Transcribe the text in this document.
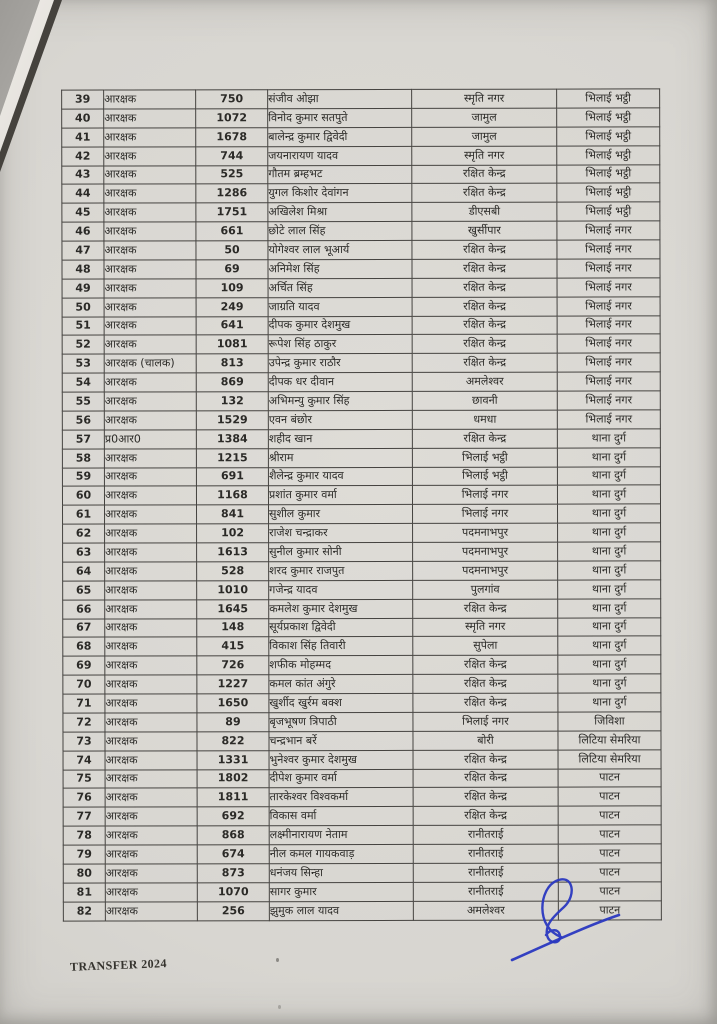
39	आरक्षक	750	संजीव ओझा	स्मृति नगर	भिलाई भट्ठी
40	आरक्षक	1072	विनोद कुमार सतपुते	जामुल	भिलाई भट्ठी
41	आरक्षक	1678	बालेन्द्र कुमार द्विवेदी	जामुल	भिलाई भट्ठी
42	आरक्षक	744	जयनारायण यादव	स्मृति नगर	भिलाई भट्ठी
43	आरक्षक	525	गौतम ब्रम्हभट	रक्षित केन्द्र	भिलाई भट्ठी
44	आरक्षक	1286	युगल किशोर देवांगन	रक्षित केन्द्र	भिलाई भट्ठी
45	आरक्षक	1751	अखिलेश मिश्रा	डीएसबी	भिलाई भट्ठी
46	आरक्षक	661	छोटे लाल सिंह	खुर्सीपार	भिलाई नगर
47	आरक्षक	50	योगेश्वर लाल भूआर्य	रक्षित केन्द्र	भिलाई नगर
48	आरक्षक	69	अनिमेश सिंह	रक्षित केन्द्र	भिलाई नगर
49	आरक्षक	109	अर्चित सिंह	रक्षित केन्द्र	भिलाई नगर
50	आरक्षक	249	जाग्रति यादव	रक्षित केन्द्र	भिलाई नगर
51	आरक्षक	641	दीपक कुमार देशमुख	रक्षित केन्द्र	भिलाई नगर
52	आरक्षक	1081	रूपेश सिंह ठाकुर	रक्षित केन्द्र	भिलाई नगर
53	आरक्षक (चालक)	813	उपेन्द्र कुमार राठौर	रक्षित केन्द्र	भिलाई नगर
54	आरक्षक	869	दीपक धर दीवान	अमलेश्वर	भिलाई नगर
55	आरक्षक	132	अभिमन्यु कुमार सिंह	छावनी	भिलाई नगर
56	आरक्षक	1529	एवन बंछोर	धमधा	भिलाई नगर
57	प्र0आर0	1384	शहीद खान	रक्षित केन्द्र	थाना दुर्ग
58	आरक्षक	1215	श्रीराम	भिलाई भट्ठी	थाना दुर्ग
59	आरक्षक	691	शैलेन्द्र कुमार यादव	भिलाई भट्ठी	थाना दुर्ग
60	आरक्षक	1168	प्रशांत कुमार वर्मा	भिलाई नगर	थाना दुर्ग
61	आरक्षक	841	सुशील कुमार	भिलाई नगर	थाना दुर्ग
62	आरक्षक	102	राजेश चन्द्राकर	पदमनाभपुर	थाना दुर्ग
63	आरक्षक	1613	सुनील कुमार सोनी	पदमनाभपुर	थाना दुर्ग
64	आरक्षक	528	शरद कुमार राजपुत	पदमनाभपुर	थाना दुर्ग
65	आरक्षक	1010	गजेन्द्र यादव	पुलगांव	थाना दुर्ग
66	आरक्षक	1645	कमलेश कुमार देशमुख	रक्षित केन्द्र	थाना दुर्ग
67	आरक्षक	148	सूर्यप्रकाश द्विवेदी	स्मृति नगर	थाना दुर्ग
68	आरक्षक	415	विकाश सिंह तिवारी	सुपेला	थाना दुर्ग
69	आरक्षक	726	शफीक मोहम्मद	रक्षित केन्द्र	थाना दुर्ग
70	आरक्षक	1227	कमल कांत अंगुरे	रक्षित केन्द्र	थाना दुर्ग
71	आरक्षक	1650	खुर्शीद खुर्रम बक्श	रक्षित केन्द्र	थाना दुर्ग
72	आरक्षक	89	बृजभूषण त्रिपाठी	भिलाई नगर	जिविशा
73	आरक्षक	822	चन्द्रभान बर्रे	बोरी	लिटिया सेमरिया
74	आरक्षक	1331	भुनेश्वर कुमार देशमुख	रक्षित केन्द्र	लिटिया सेमरिया
75	आरक्षक	1802	दीपेश कुमार वर्मा	रक्षित केन्द्र	पाटन
76	आरक्षक	1811	तारकेश्वर विश्वकर्मा	रक्षित केन्द्र	पाटन
77	आरक्षक	692	विकास वर्मा	रक्षित केन्द्र	पाटन
78	आरक्षक	868	लक्ष्मीनारायण नेताम	रानीतराई	पाटन
79	आरक्षक	674	नील कमल गायकवाड़	रानीतराई	पाटन
80	आरक्षक	873	धनंजय सिन्हा	रानीतराई	पाटन
81	आरक्षक	1070	सागर कुमार	रानीतराई	पाटन
82	आरक्षक	256	झुमुक लाल यादव	अमलेश्वर	पाटन
TRANSFER 2024
